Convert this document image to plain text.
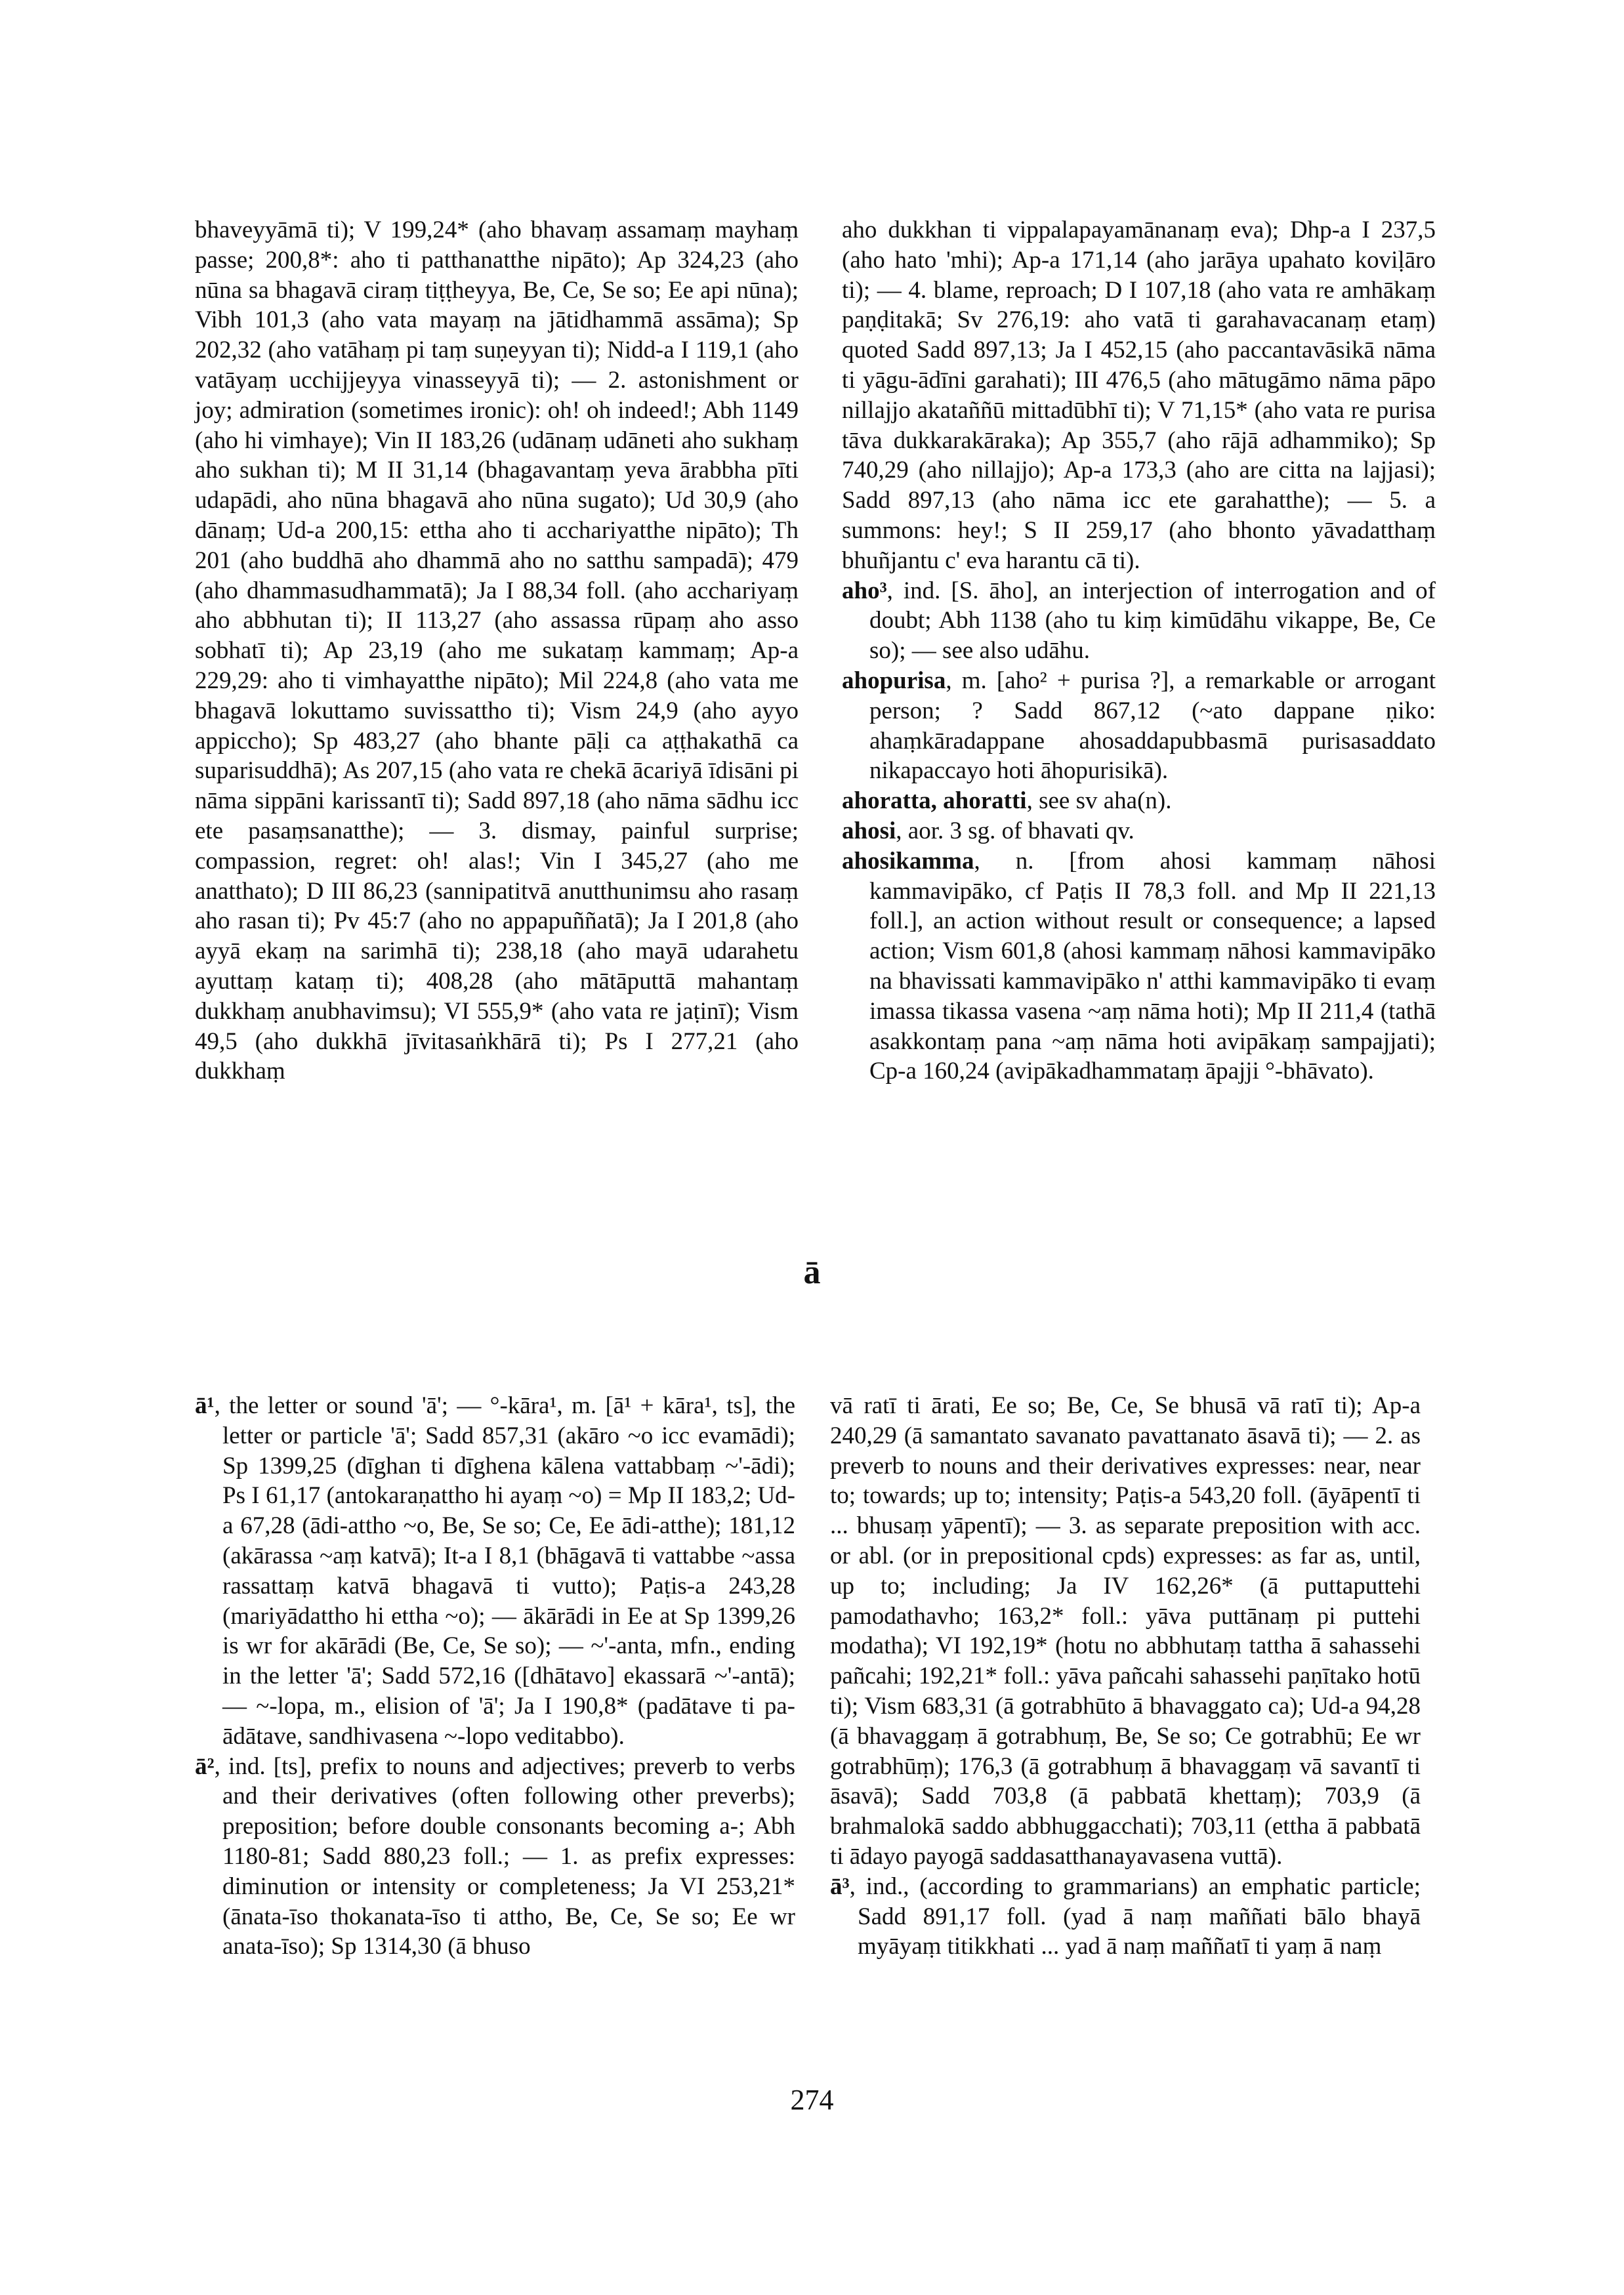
bhaveyyāmā ti); V 199,24* (aho bhavaṃ assamaṃ mayhaṃ passe; 200,8*: aho ti patthanatthe nipāto); Ap 324,23 (aho nūna sa bhagavā ciraṃ tiṭṭheyya, Be, Ce, Se so; Ee api nūna); Vibh 101,3 (aho vata mayaṃ na jātidhammā assāma); Sp 202,32 (aho vatāhaṃ pi taṃ suṇeyyan ti); Nidd-a I 119,1 (aho vatāyaṃ ucchijjeyya vinasseyyā ti); — 2. astonishment or joy; admiration (sometimes ironic): oh! oh indeed!; Abh 1149 (aho hi vimhaye); Vin II 183,26 (udānaṃ udāneti aho sukhaṃ aho sukhan ti); M II 31,14 (bhagavantaṃ yeva ārabbha pīti udapādi, aho nūna bhagavā aho nūna sugato); Ud 30,9 (aho dānaṃ; Ud-a 200,15: ettha aho ti acchariyatthe nipāto); Th 201 (aho buddhā aho dhammā aho no satthu sampadā); 479 (aho dhammasudhammatā); Ja I 88,34 foll. (aho acchariyaṃ aho abbhutan ti); II 113,27 (aho assassa rūpaṃ aho asso sobhatī ti); Ap 23,19 (aho me sukataṃ kammaṃ; Ap-a 229,29: aho ti vimhayatthe nipāto); Mil 224,8 (aho vata me bhagavā lokuttamo suvissattho ti); Vism 24,9 (aho ayyo appiccho); Sp 483,27 (aho bhante pāḷi ca aṭṭhakathā ca suparisuddhā); As 207,15 (aho vata re chekā ācariyā īdisāni pi nāma sippāni karissantī ti); Sadd 897,18 (aho nāma sādhu icc ete pasaṃsanatthe); — 3. dismay, painful surprise; compassion, regret: oh! alas!; Vin I 345,27 (aho me anatthato); D III 86,23 (sannipatitvā anutthunimsu aho rasaṃ aho rasan ti); Pv 45:7 (aho no appapuññatā); Ja I 201,8 (aho ayyā ekaṃ na sarimhā ti); 238,18 (aho mayā udarahetu ayuttaṃ kataṃ ti); 408,28 (aho mātāputtā mahantaṃ dukkhaṃ anubhavimsu); VI 555,9* (aho vata re jaṭinī); Vism 49,5 (aho dukkhā jīvitasaṅkhārā ti); Ps I 277,21 (aho dukkhaṃ

aho dukkhan ti vippalapayamānanaṃ eva); Dhp-a I 237,5 (aho hato 'mhi); Ap-a 171,14 (aho jarāya upahato koviḷāro ti); — 4. blame, reproach; D I 107,18 (aho vata re amhākaṃ paṇḍitakā; Sv 276,19: aho vatā ti garahavacanaṃ etaṃ) quoted Sadd 897,13; Ja I 452,15 (aho paccantavāsikā nāma ti yāgu-ādīni garahati); III 476,5 (aho mātugāmo nāma pāpo nillajjo akataññū mittadūbhī ti); V 71,15* (aho vata re purisa tāva dukkarakāraka); Ap 355,7 (aho rājā adhammiko); Sp 740,29 (aho nillajjo); Ap-a 173,3 (aho are citta na lajjasi); Sadd 897,13 (aho nāma icc ete garahatthe); — 5. a summons: hey!; S II 259,17 (aho bhonto yāvadatthaṃ bhuñjantu c' eva harantu cā ti).

aho³, ind. [S. āho], an interjection of interrogation and of doubt; Abh 1138 (aho tu kiṃ kimūdāhu vikappe, Be, Ce so); — see also udāhu.

ahopurisa, m. [aho² + purisa ?], a remarkable or arrogant person; ? Sadd 867,12 (~ato dappane ṇiko: ahaṃkāradappane ahosaddapubbasmā purisasaddato nikapaccayo hoti āhopurisikā).

ahoratta, ahoratti, see sv aha(n).

ahosi, aor. 3 sg. of bhavati qv.

ahosikamma, n. [from ahosi kammaṃ nāhosi kammavipāko, cf Paṭis II 78,3 foll. and Mp II 221,13 foll.], an action without result or consequence; a lapsed action; Vism 601,8 (ahosi kammaṃ nāhosi kammavipāko na bhavissati kammavipāko n' atthi kammavipāko ti evaṃ imassa tikassa vasena ~aṃ nāma hoti); Mp II 211,4 (tathā asakkontaṃ pana ~aṃ nāma hoti avipākaṃ sampajjati); Cp-a 160,24 (avipākadhammataṃ āpajji °-bhāvato).

ā

ā¹, the letter or sound 'ā'; — °-kāra¹, m. [ā¹ + kāra¹, ts], the letter or particle 'ā'; Sadd 857,31 (akāro ~o icc evamādi); Sp 1399,25 (dīghan ti dīghena kālena vattabbaṃ ~'-ādi); Ps I 61,17 (antokaraṇattho hi ayaṃ ~o) = Mp II 183,2; Ud-a 67,28 (ādi-attho ~o, Be, Se so; Ce, Ee ādi-atthe); 181,12 (akārassa ~aṃ katvā); It-a I 8,1 (bhāgavā ti vattabbe ~assa rassattaṃ katvā bhagavā ti vutto); Paṭis-a 243,28 (mariyādattho hi ettha ~o); — ākārādi in Ee at Sp 1399,26 is wr for akārādi (Be, Ce, Se so); — ~'-anta, mfn., ending in the letter 'ā'; Sadd 572,16 ([dhātavo] ekassarā ~'-antā); — ~-lopa, m., elision of 'ā'; Ja I 190,8* (padātave ti pa-ādātave, sandhivasena ~-lopo veditabbo).

ā², ind. [ts], prefix to nouns and adjectives; preverb to verbs and their derivatives (often following other preverbs); preposition; before double consonants becoming a-; Abh 1180-81; Sadd 880,23 foll.; — 1. as prefix expresses: diminution or intensity or completeness; Ja VI 253,21* (ānata-īso thokanata-īso ti attho, Be, Ce, Se so; Ee wr anata-īso); Sp 1314,30 (ā bhuso

vā ratī ti ārati, Ee so; Be, Ce, Se bhusā vā ratī ti); Ap-a 240,29 (ā samantato savanato pavattanato āsavā ti); — 2. as preverb to nouns and their derivatives expresses: near, near to; towards; up to; intensity; Paṭis-a 543,20 foll. (āyāpentī ti ... bhusaṃ yāpentī); — 3. as separate preposition with acc. or abl. (or in prepositional cpds) expresses: as far as, until, up to; including; Ja IV 162,26* (ā puttaputtehi pamodathavho; 163,2* foll.: yāva puttānaṃ pi puttehi modatha); VI 192,19* (hotu no abbhutaṃ tattha ā sahassehi pañcahi; 192,21* foll.: yāva pañcahi sahassehi paṇītako hotū ti); Vism 683,31 (ā gotrabhūto ā bhavaggato ca); Ud-a 94,28 (ā bhavaggaṃ ā gotrabhuṃ, Be, Se so; Ce gotrabhū; Ee wr gotrabhūṃ); 176,3 (ā gotrabhuṃ ā bhavaggaṃ vā savantī ti āsavā); Sadd 703,8 (ā pabbatā khettaṃ); 703,9 (ā brahmalokā saddo abbhuggacchati); 703,11 (ettha ā pabbatā ti ādayo payogā saddasatthanayavasena vuttā).

ā³, ind., (according to grammarians) an emphatic particle; Sadd 891,17 foll. (yad ā naṃ maññati bālo bhayā myāyaṃ titikkhati ... yad ā naṃ maññatī ti yaṃ ā naṃ

274
